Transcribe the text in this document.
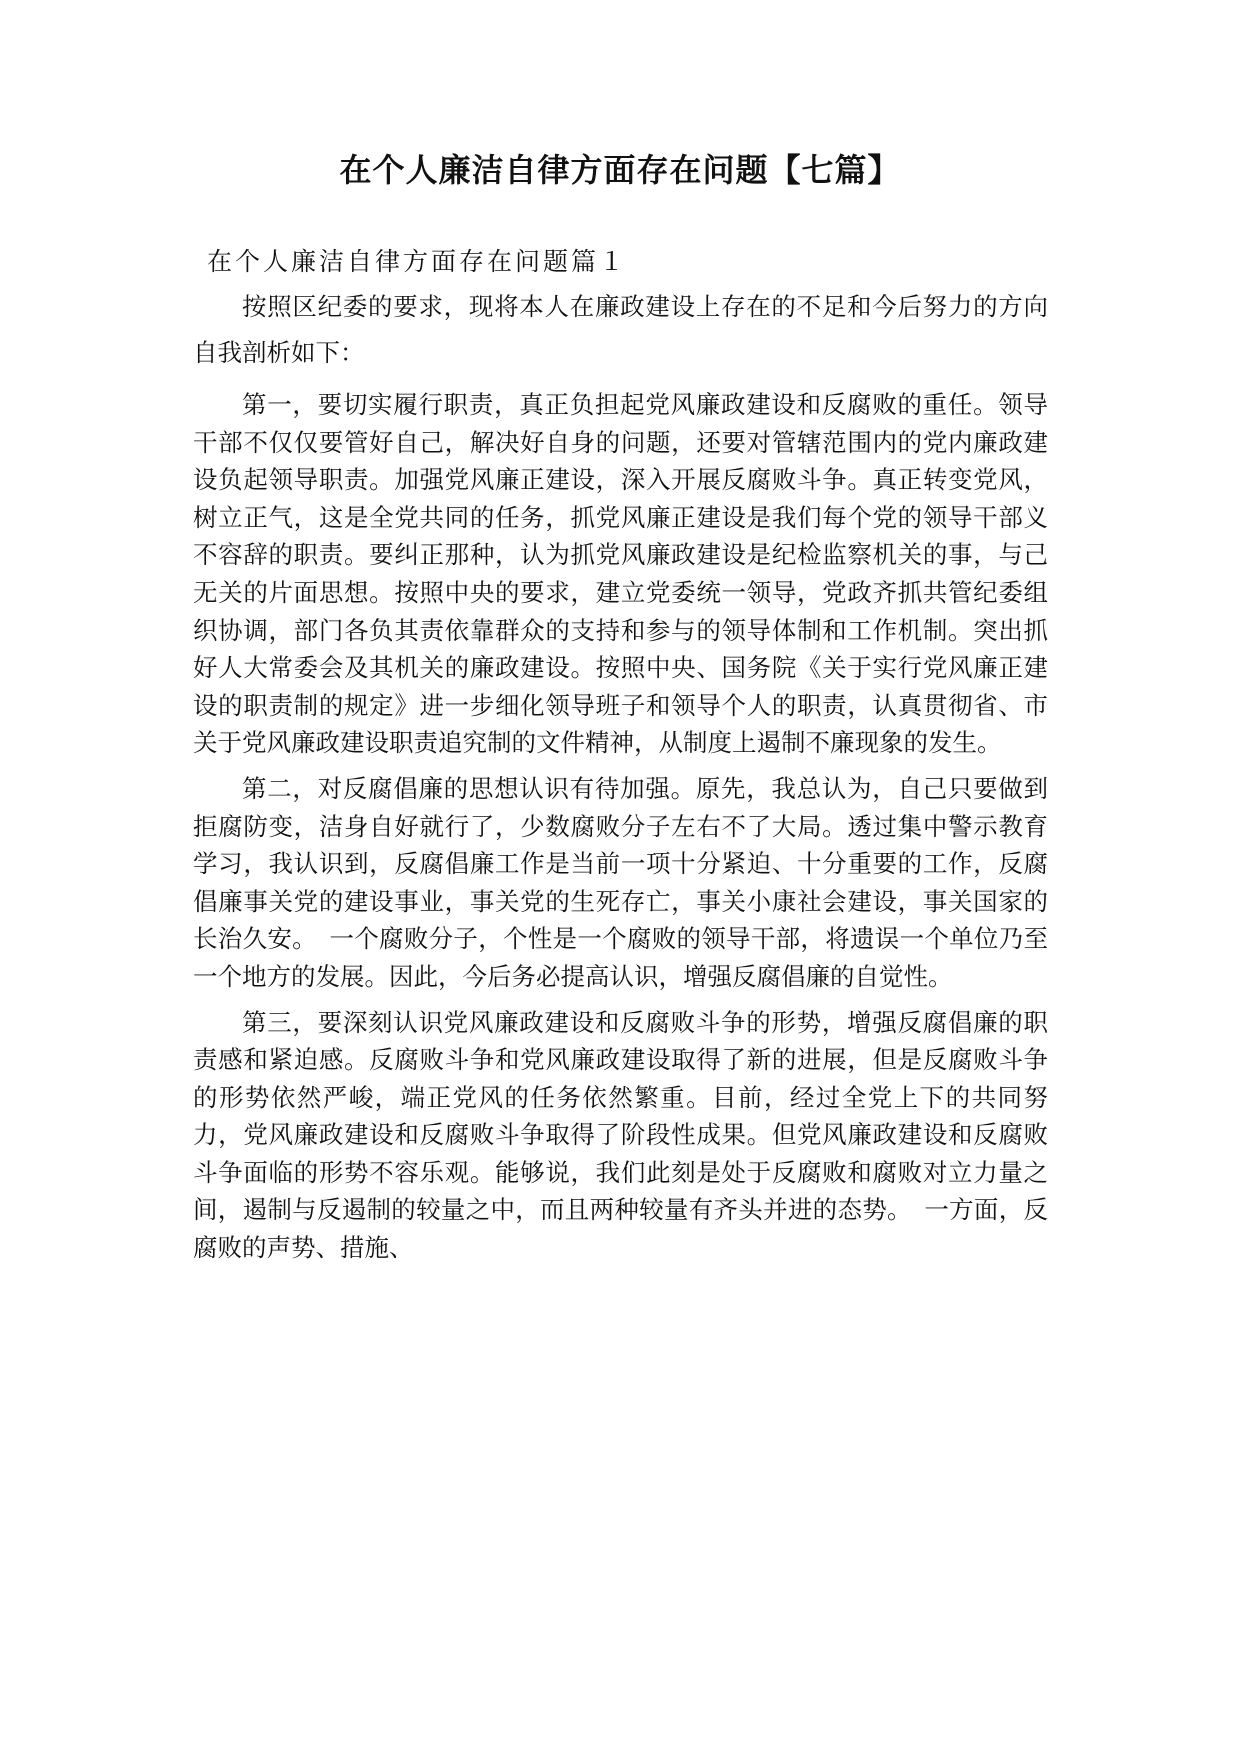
在个人廉洁自律方面存在问题【七篇】
在个人廉洁自律方面存在问题篇１

按照区纪委的要求，现将本人在廉政建设上存在的不足和今后努力的方向自我剖析如下：

第一，要切实履行职责，真正负担起党风廉政建设和反腐败的重任。领导干部不仅仅要管好自己，解决好自身的问题，还要对管辖范围内的党内廉政建设负起领导职责。加强党风廉正建设，深入开展反腐败斗争。真正转变党风，树立正气，这是全党共同的任务，抓党风廉正建设是我们每个党的领导干部义不容辞的职责。要纠正那种，认为抓党风廉政建设是纪检监察机关的事，与己无关的片面思想。按照中央的要求，建立党委统一领导，党政齐抓共管纪委组织协调，部门各负其责依靠群众的支持和参与的领导体制和工作机制。突出抓好人大常委会及其机关的廉政建设。按照中央、国务院《关于实行党风廉正建设的职责制的规定》进一步细化领导班子和领导个人的职责，认真贯彻省、市关于党风廉政建设职责追究制的文件精神，从制度上遏制不廉现象的发生。

第二，对反腐倡廉的思想认识有待加强。原先，我总认为，自己只要做到拒腐防变，洁身自好就行了，少数腐败分子左右不了大局。透过集中警示教育学习，我认识到，反腐倡廉工作是当前一项十分紧迫、十分重要的工作，反腐倡廉事关党的建设事业，事关党的生死存亡，事关小康社会建设，事关国家的长治久安。　一个腐败分子，个性是一个腐败的领导干部，将遗误一个单位乃至一个地方的发展。因此，今后务必提高认识，增强反腐倡廉的自觉性。

第三，要深刻认识党风廉政建设和反腐败斗争的形势，增强反腐倡廉的职责感和紧迫感。反腐败斗争和党风廉政建设取得了新的进展，但是反腐败斗争的形势依然严峻，端正党风的任务依然繁重。目前，经过全党上下的共同努力，党风廉政建设和反腐败斗争取得了阶段性成果。但党风廉政建设和反腐败斗争面临的形势不容乐观。能够说，我们此刻是处于反腐败和腐败对立力量之间，遏制与反遏制的较量之中，而且两种较量有齐头并进的态势。　一方面，反腐败的声势、措施、
